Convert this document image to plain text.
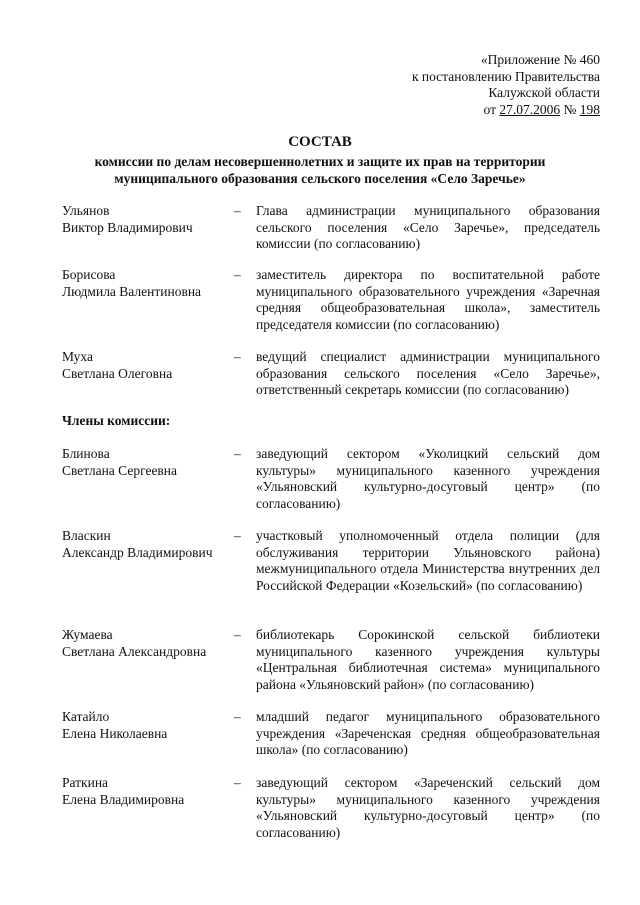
«Приложение № 460
к постановлению Правительства
Калужской области
от 27.07.2006 № 198
СОСТАВ
комиссии по делам несовершеннолетних и защите их прав на территории муниципального образования сельского поселения «Село Заречье»
Ульянов
Виктор Владимирович
– Глава администрации муниципального образования сельского поселения «Село Заречье», председатель комиссии (по согласованию)
Борисова
Людмила Валентиновна
– заместитель директора по воспитательной работе муниципального образовательного учреждения «Заречная средняя общеобразовательная школа», заместитель председателя комиссии (по согласованию)
Муха
Светлана Олеговна
– ведущий специалист администрации муниципального образования сельского поселения «Село Заречье», ответственный секретарь комиссии (по согласованию)
Члены комиссии:
Блинова
Светлана Сергеевна
– заведующий сектором «Уколицкий сельский дом культуры» муниципального казенного учреждения «Ульяновский культурно-досуговый центр» (по согласованию)
Власкин
Александр Владимирович
– участковый уполномоченный отдела полиции (для обслуживания территории Ульяновского района) межмуниципального отдела Министерства внутренних дел Российской Федерации «Козельский» (по согласованию)
Жумаева
Светлана Александровна
– библиотекарь Сорокинской сельской библиотеки муниципального казенного учреждения культуры «Центральная библиотечная система» муниципального района «Ульяновский район» (по согласованию)
Катайло
Елена Николаевна
– младший педагог муниципального образовательного учреждения «Зареченская средняя общеобразовательная школа» (по согласованию)
Раткина
Елена Владимировна
– заведующий сектором «Зареченский сельский дом культуры» муниципального казенного учреждения «Ульяновский культурно-досуговый центр» (по согласованию)
